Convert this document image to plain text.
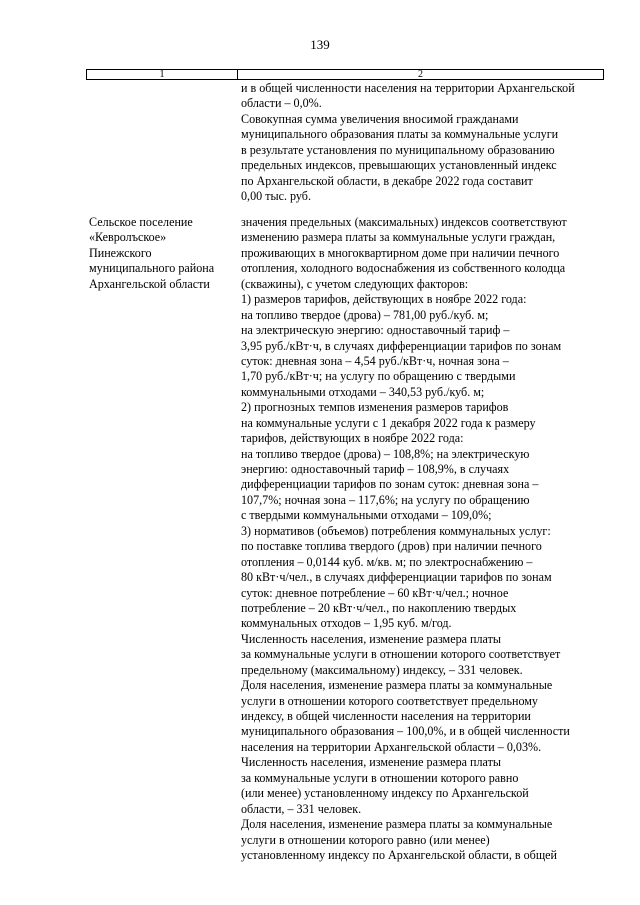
139
1	2
и в общей численности населения на территории Архангельской
области – 0,0%.
Совокупная сумма увеличения вносимой гражданами
муниципального образования платы за коммунальные услуги
в результате установления по муниципальному образованию
предельных индексов, превышающих установленный индекс
по Архангельской области, в декабре 2022 года составит
0,00 тыс. руб.
Сельское поселение
«Кевролъское»
Пинежского
муниципального района
Архангельской области
значения предельных (максимальных) индексов соответствуют
изменению размера платы за коммунальные услуги граждан,
проживающих в многоквартирном доме при наличии печного
отопления, холодного водоснабжения из собственного колодца
(скважины), с учетом следующих факторов:
1) размеров тарифов, действующих в ноябре 2022 года:
на топливо твердое (дрова) – 781,00 руб./куб. м;
на электрическую энергию: одноставочный тариф –
3,95 руб./кВт·ч, в случаях дифференциации тарифов по зонам
суток: дневная зона – 4,54 руб./кВт·ч, ночная зона –
1,70 руб./кВт·ч; на услугу по обращению с твердыми
коммунальными отходами – 340,53 руб./куб. м;
2) прогнозных темпов изменения размеров тарифов
на коммунальные услуги с 1 декабря 2022 года к размеру
тарифов, действующих в ноябре 2022 года:
на топливо твердое (дрова) – 108,8%; на электрическую
энергию: одноставочный тариф – 108,9%, в случаях
дифференциации тарифов по зонам суток: дневная зона –
107,7%; ночная зона – 117,6%; на услугу по обращению
с твердыми коммунальными отходами – 109,0%;
3) нормативов (объемов) потребления коммунальных услуг:
по поставке топлива твердого (дров) при наличии печного
отопления – 0,0144 куб. м/кв. м; по электроснабжению –
80 кВт·ч/чел., в случаях дифференциации тарифов по зонам
суток: дневное потребление – 60 кВт·ч/чел.; ночное
потребление – 20 кВт·ч/чел., по накоплению твердых
коммунальных отходов – 1,95 куб. м/год.
Численность населения, изменение размера платы
за коммунальные услуги в отношении которого соответствует
предельному (максимальному) индексу, – 331 человек.
Доля населения, изменение размера платы за коммунальные
услуги в отношении которого соответствует предельному
индексу, в общей численности населения на территории
муниципального образования – 100,0%, и в общей численности
населения на территории Архангельской области – 0,03%.
Численность населения, изменение размера платы
за коммунальные услуги в отношении которого равно
(или менее) установленному индексу по Архангельской
области, – 331 человек.
Доля населения, изменение размера платы за коммунальные
услуги в отношении которого равно (или менее)
установленному индексу по Архангельской области, в общей
